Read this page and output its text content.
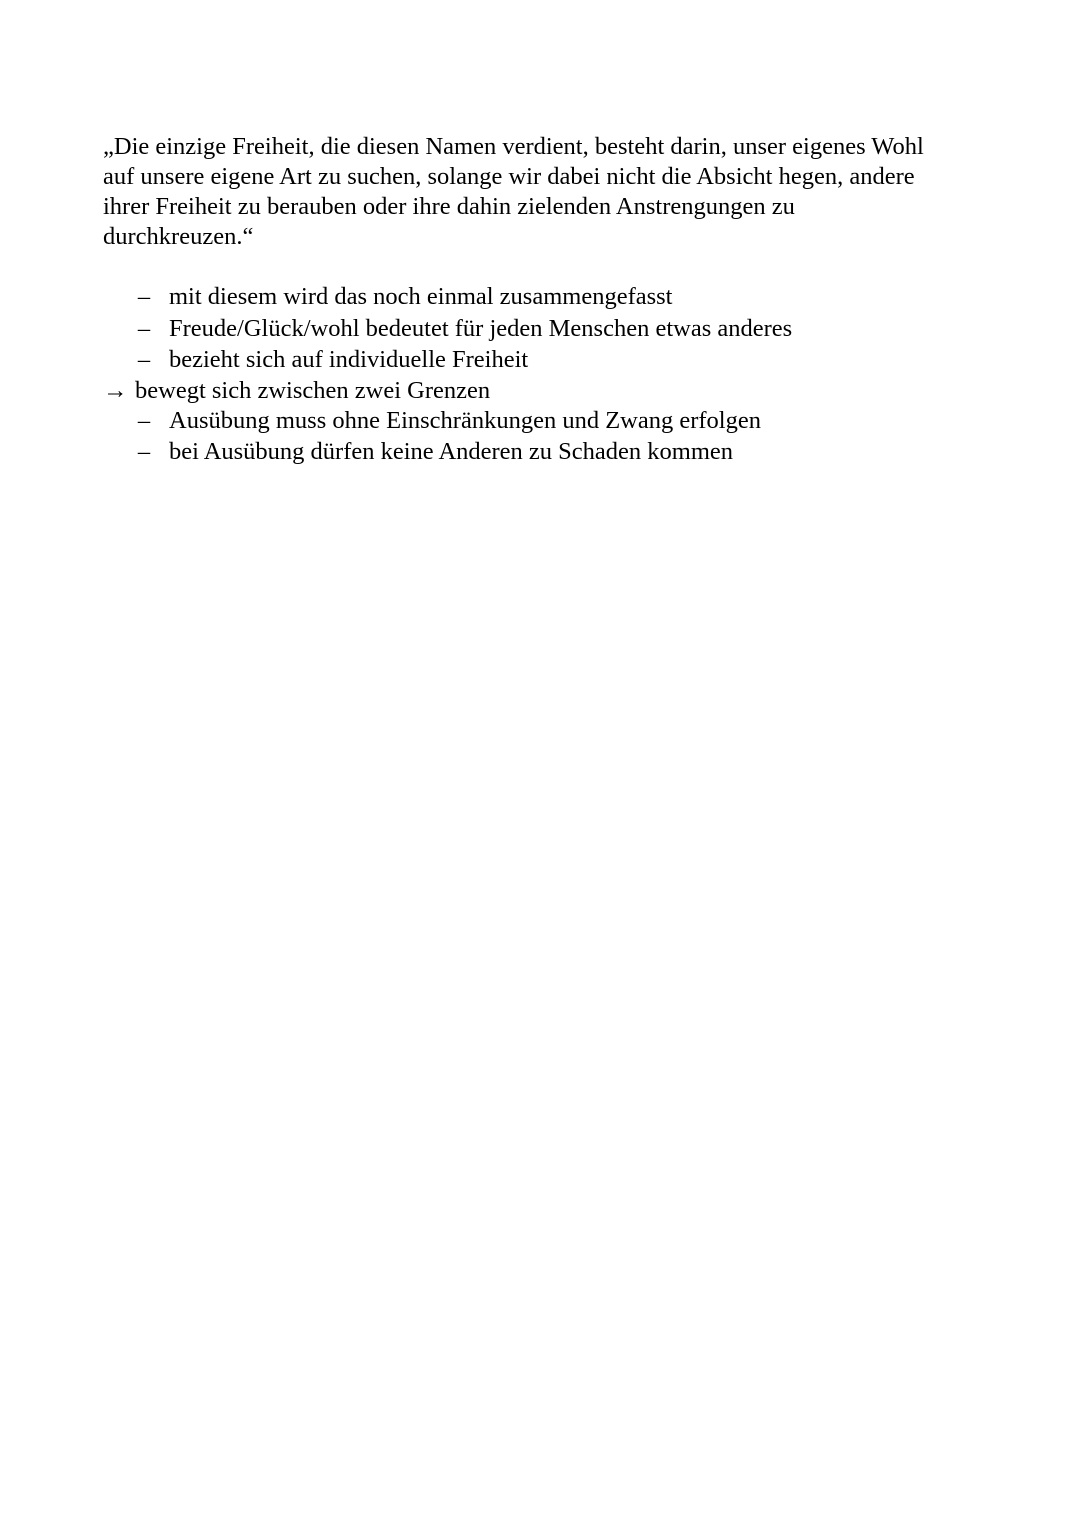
„Die einzige Freiheit, die diesen Namen verdient, besteht darin, unser eigenes Wohl
auf unsere eigene Art zu suchen, solange wir dabei nicht die Absicht hegen, andere
ihrer Freiheit zu berauben oder ihre dahin zielenden Anstrengungen zu
durchkreuzen.“

– mit diesem wird das noch einmal zusammengefasst
– Freude/Glück/wohl bedeutet für jeden Menschen etwas anderes
– bezieht sich auf individuelle Freiheit
→ bewegt sich zwischen zwei Grenzen
– Ausübung muss ohne Einschränkungen und Zwang erfolgen
– bei Ausübung dürfen keine Anderen zu Schaden kommen
